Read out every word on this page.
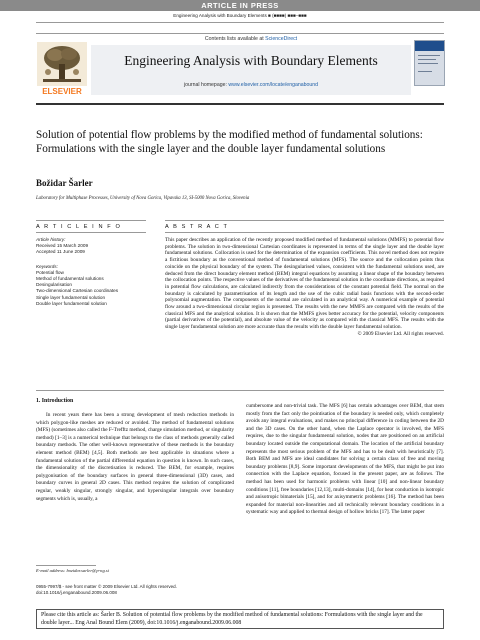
ARTICLE IN PRESS
Engineering Analysis with Boundary Elements ■ (■■■■) ■■■–■■■
ELSEVIER
Contents lists available at ScienceDirect
Engineering Analysis with Boundary Elements
journal homepage: www.elsevier.com/locate/enganabound
Solution of potential flow problems by the modified method of fundamental solutions: Formulations with the single layer and the double layer fundamental solutions
Božidar Šarler
Laboratory for Multiphase Processes, University of Nova Gorica, Vipavska 13, SI-5000 Nova Gorica, Slovenia
A R T I C L E I N F O	A B S T R A C T
Article history:
Received 15 March 2009
Accepted 11 June 2009
Keywords:
Potential flow
Method of fundamental solutions
Desingularisation
Two-dimensional Cartesian coordinates
Single layer fundamental solution
Double layer fundamental solution
This paper describes an application of the recently proposed modified method of fundamental solutions (MMFS) to potential flow problems. The solution in two-dimensional Cartesian coordinates is represented in terms of the single layer and the double layer fundamental solutions. Collocation is used for the determination of the expansion coefficients. This novel method does not require a fictitious boundary as the conventional method of fundamental solutions (MFS). The source and the collocation points thus coincide on the physical boundary of the system. The desingularised values, consistent with the fundamental solutions used, are deduced from the direct boundary element method (BEM) integral equations by assuming a linear shape of the boundary between the collocation points. The respective values of the derivatives of the fundamental solution in the coordinate directions, as required in potential flow calculations, are calculated indirectly from the considerations of the constant potential field. The normal on the boundary is calculated by parametrisation of its length and the use of the cubic radial basis functions with the second-order polynomial augmentation. The components of the normal are calculated in an analytical way. A numerical example of potential flow around a two-dimensional circular region is presented. The results with the new MMFS are compared with the results of the classical MFS and the analytical solution. It is shown that the MMFS gives better accuracy for the potential, velocity components (partial derivatives of the potential), and absolute value of the velocity as compared with the classical MFS. The results with the single layer fundamental solution are more accurate than the results with the double layer fundamental solution.
© 2009 Elsevier Ltd. All rights reserved.
1. Introduction

In recent years there has been a strong development of mesh reduction methods in which polygon-like meshes are reduced or avoided. The method of fundamental solutions (MFS) (sometimes also called the F-Trefftz method, charge simulation method, or singularity method) [1–3] is a numerical technique that belongs to the class of methods generally called boundary methods. The other well-known representative of these methods is the boundary element method (BEM) [4,5]. Both methods are best applicable in situations where a fundamental solution of the partial differential equation in question is known. In such cases, the dimensionality of the discretisation is reduced. The BEM, for example, requires polygonisation of the boundary surfaces in general three-dimensional (3D) cases, and boundary curves in general 2D cases. This method requires the solution of complicated regular, weakly singular, strongly singular, and hypersingular integrals over boundary segments which is, usually, a

cumbersome and non-trivial task. The MFS [6] has certain advantages over BEM, that stem mostly from the fact only the pointisation of the boundary is needed only, which completely avoids any integral evaluations, and makes no principal difference in coding between the 2D and the 3D cases. On the other hand, when the Laplace operator is involved, the MFS requires, due to the singular fundamental solution, nodes that are positioned on an artificial boundary located outside the computational domain. The location of the artificial boundary represents the most serious problem of the MFS and has to be dealt with heuristically [7]. Both BEM and MFS are ideal candidates for solving a certain class of free and moving boundary problems [8,9]. Some important developments of the MFS, that might be put into connection with the Laplace equation, focused in the present paper, are as follows. The method has been used for harmonic problems with linear [10] and non-linear boundary conditions [11], free boundaries [12,13], multi-domains [14], for heat conduction in isotropic and anisotropic bimaterials [15], and for axisymmetric problems [16]. The method has been expanded for material non-linearities and all technically relevant boundary conditions in a systematic way and applied to thermal design of hollow bricks [17]. The latter paper

E-mail address: bozidar.sarler@p-ng.si
0955-7997/$ - see front matter © 2009 Elsevier Ltd. All rights reserved.
doi:10.1016/j.enganabound.2009.06.008
Please cite this article as: Šarler B. Solution of potential flow problems by the modified method of fundamental solutions: Formulations with the single layer and the double layer... Eng Anal Bound Elem (2009), doi:10.1016/j.enganabound.2009.06.008
